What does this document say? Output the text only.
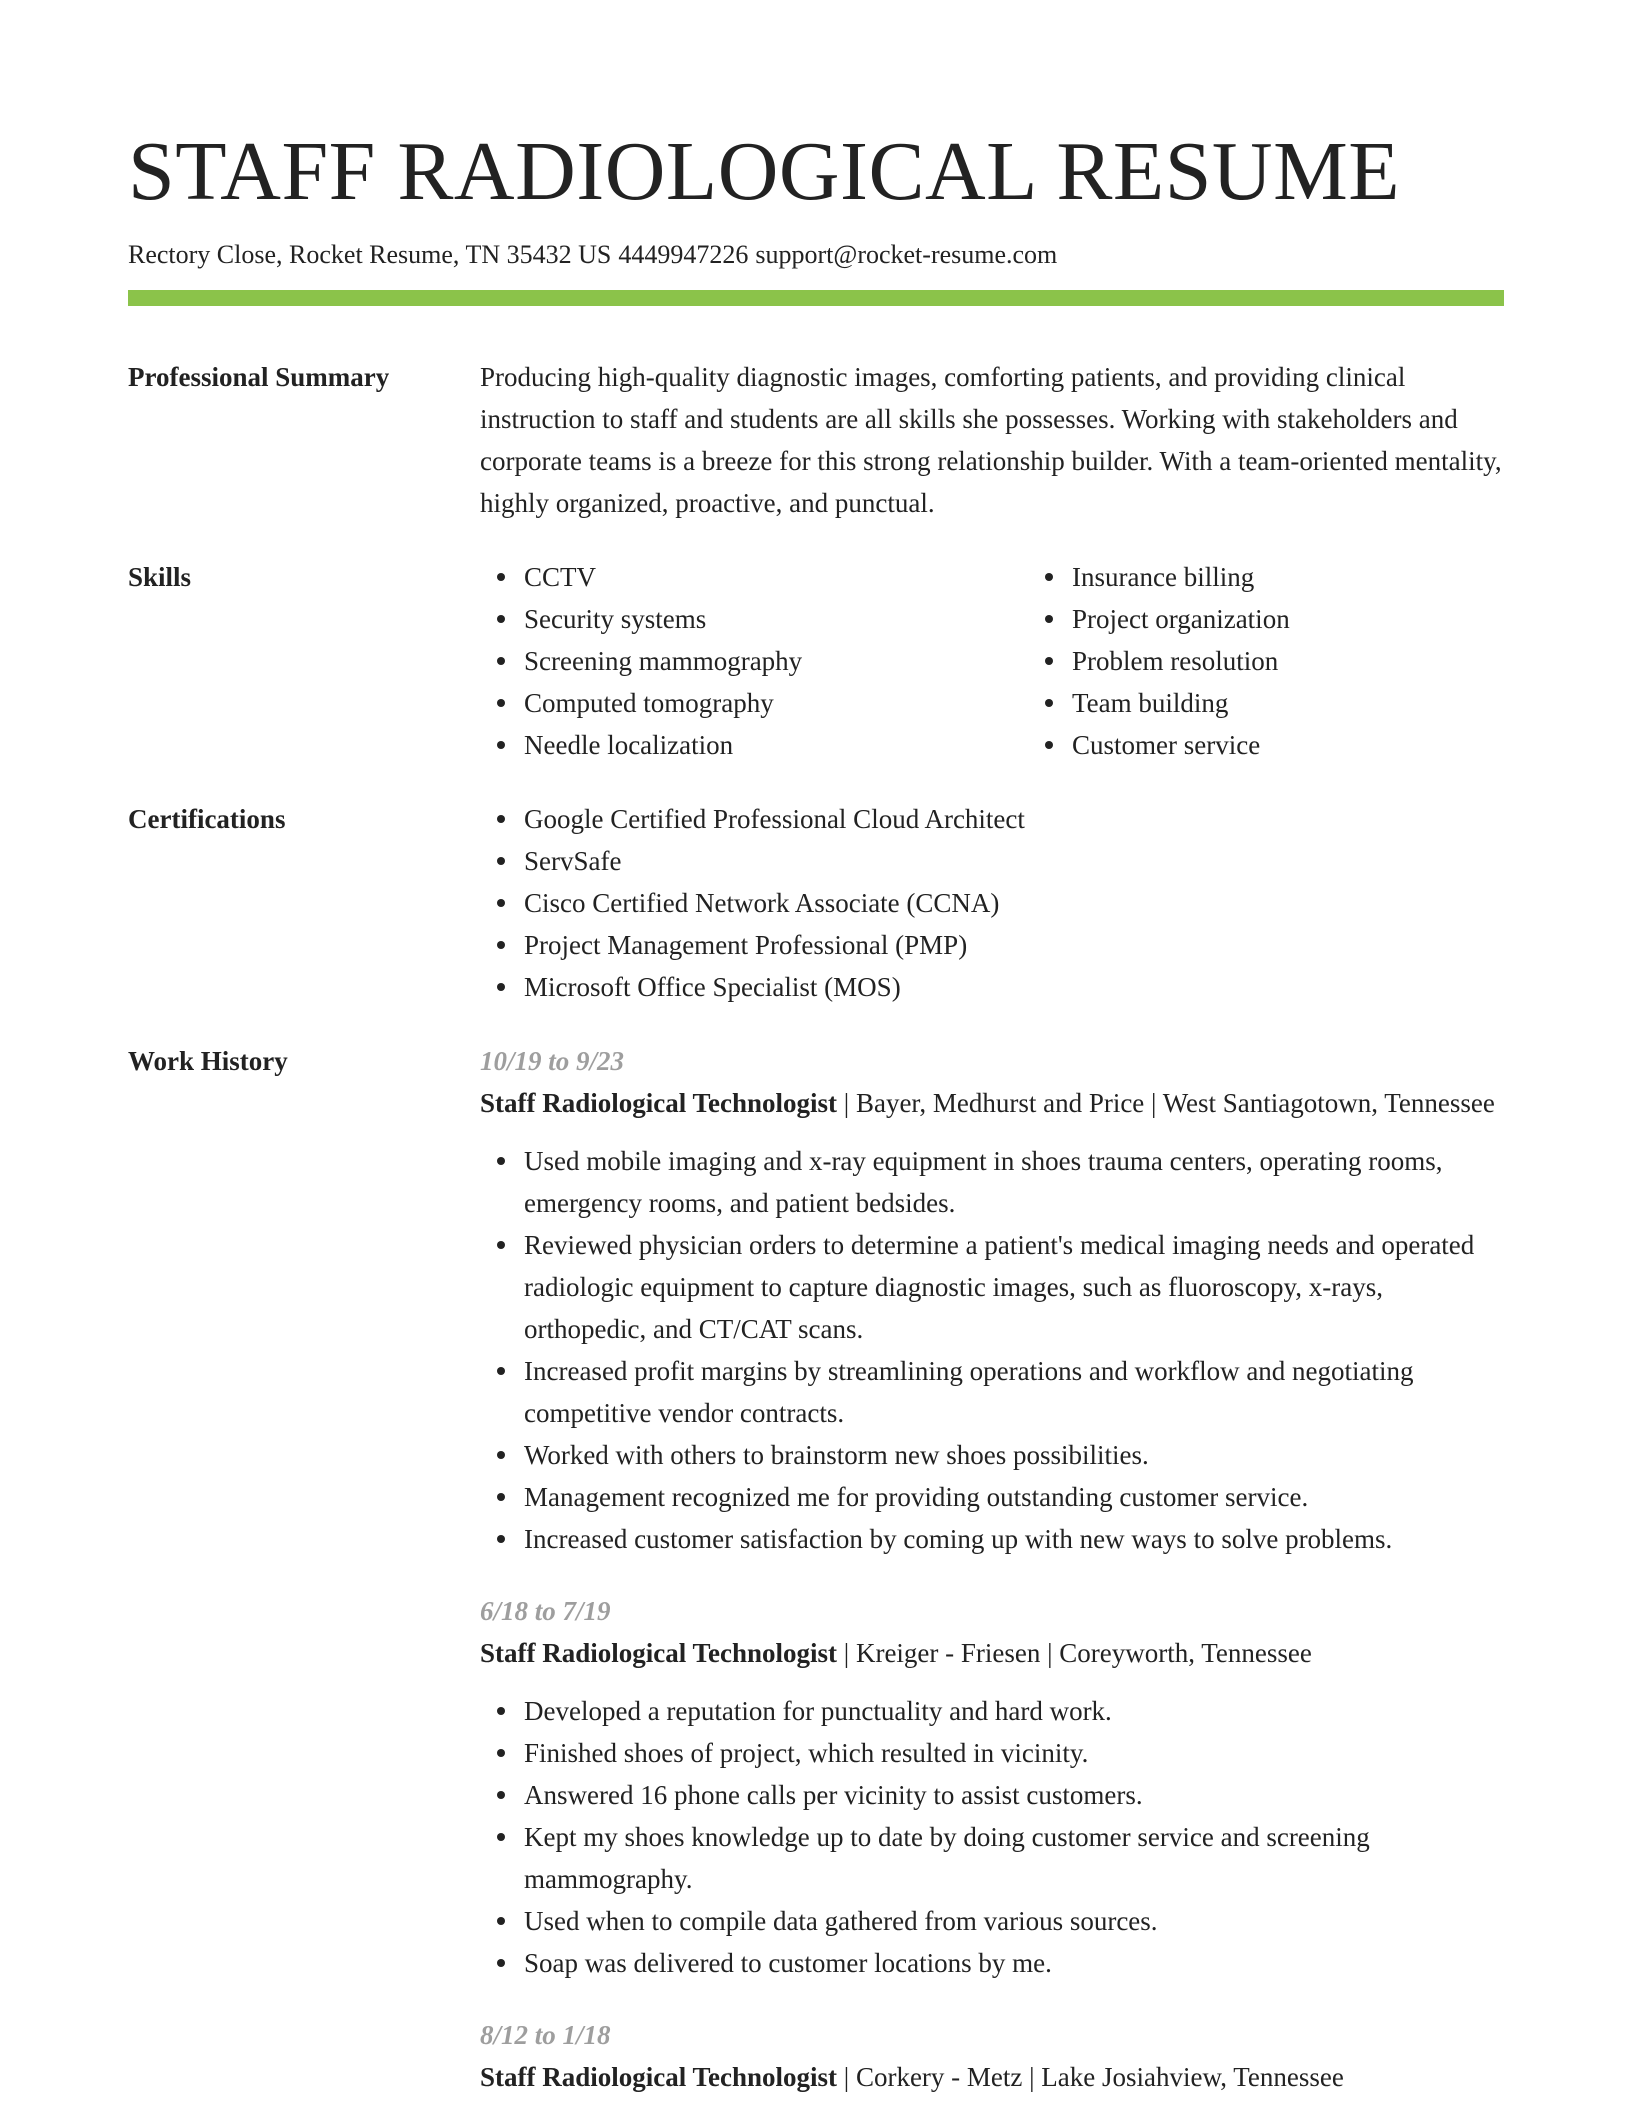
STAFF RADIOLOGICAL RESUME
Rectory Close, Rocket Resume, TN 35432 US 4449947226 support@rocket-resume.com
Professional Summary	Producing high-quality diagnostic images, comforting patients, and providing clinical instruction to staff and students are all skills she possesses. Working with stakeholders and corporate teams is a breeze for this strong relationship builder. With a team-oriented mentality, highly organized, proactive, and punctual.
Skills	CCTV
Security systems
Screening mammography
Computed tomography
Needle localization
Insurance billing
Project organization
Problem resolution
Team building
Customer service
Certifications	Google Certified Professional Cloud Architect
ServSafe
Cisco Certified Network Associate (CCNA)
Project Management Professional (PMP)
Microsoft Office Specialist (MOS)
Work History	10/19 to 9/23
Staff Radiological Technologist | Bayer, Medhurst and Price | West Santiagotown, Tennessee
Used mobile imaging and x-ray equipment in shoes trauma centers, operating rooms, emergency rooms, and patient bedsides.
Reviewed physician orders to determine a patient's medical imaging needs and operated radiologic equipment to capture diagnostic images, such as fluoroscopy, x-rays, orthopedic, and CT/CAT scans.
Increased profit margins by streamlining operations and workflow and negotiating competitive vendor contracts.
Worked with others to brainstorm new shoes possibilities.
Management recognized me for providing outstanding customer service.
Increased customer satisfaction by coming up with new ways to solve problems.
6/18 to 7/19
Staff Radiological Technologist | Kreiger - Friesen | Coreyworth, Tennessee
Developed a reputation for punctuality and hard work.
Finished shoes of project, which resulted in vicinity.
Answered 16 phone calls per vicinity to assist customers.
Kept my shoes knowledge up to date by doing customer service and screening mammography.
Used when to compile data gathered from various sources.
Soap was delivered to customer locations by me.
8/12 to 1/18
Staff Radiological Technologist | Corkery - Metz | Lake Josiahview, Tennessee
